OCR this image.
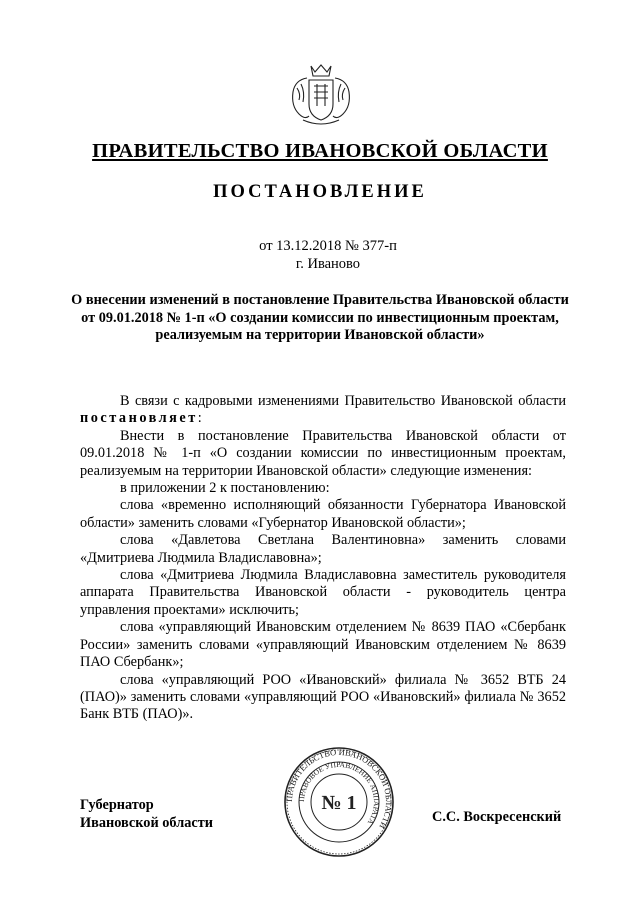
ПРАВИТЕЛЬСТВО ИВАНОВСКОЙ ОБЛАСТИ
ПОСТАНОВЛЕНИЕ
от 13.12.2018 № 377-п
г. Иваново
О внесении изменений в постановление Правительства Ивановской области от 09.01.2018 № 1-п «О создании комиссии по инвестиционным проектам, реализуемым на территории Ивановской области»

В связи с кадровыми изменениями Правительство Ивановской области постановляет:

Внести в постановление Правительства Ивановской области от 09.01.2018 № 1-п «О создании комиссии по инвестиционным проектам, реализуемым на территории Ивановской области» следующие изменения:

в приложении 2 к постановлению:

слова «временно исполняющий обязанности Губернатора Ивановской области» заменить словами «Губернатор Ивановской области»;

слова «Давлетова Светлана Валентиновна» заменить словами «Дмитриева Людмила Владиславовна»;

слова «Дмитриева Людмила Владиславовна заместитель руководителя аппарата Правительства Ивановской области - руководитель центра управления проектами» исключить;

слова «управляющий Ивановским отделением № 8639 ПАО «Сбербанк России» заменить словами «управляющий Ивановским отделением № 8639 ПАО Сбербанк»;

слова «управляющий РОО «Ивановский» филиала № 3652 ВТБ 24 (ПАО)» заменить словами «управляющий РОО «Ивановский» филиала № 3652 Банк ВТБ (ПАО)».

Губернатор
Ивановской области
ПРАВИТЕЛЬСТВО ИВАНОВСКОЙ ОБЛАСТИ
ПРАВОВОЕ УПРАВЛЕНИЕ АППАРАТА
№ 1
С.С. Воскресенский
